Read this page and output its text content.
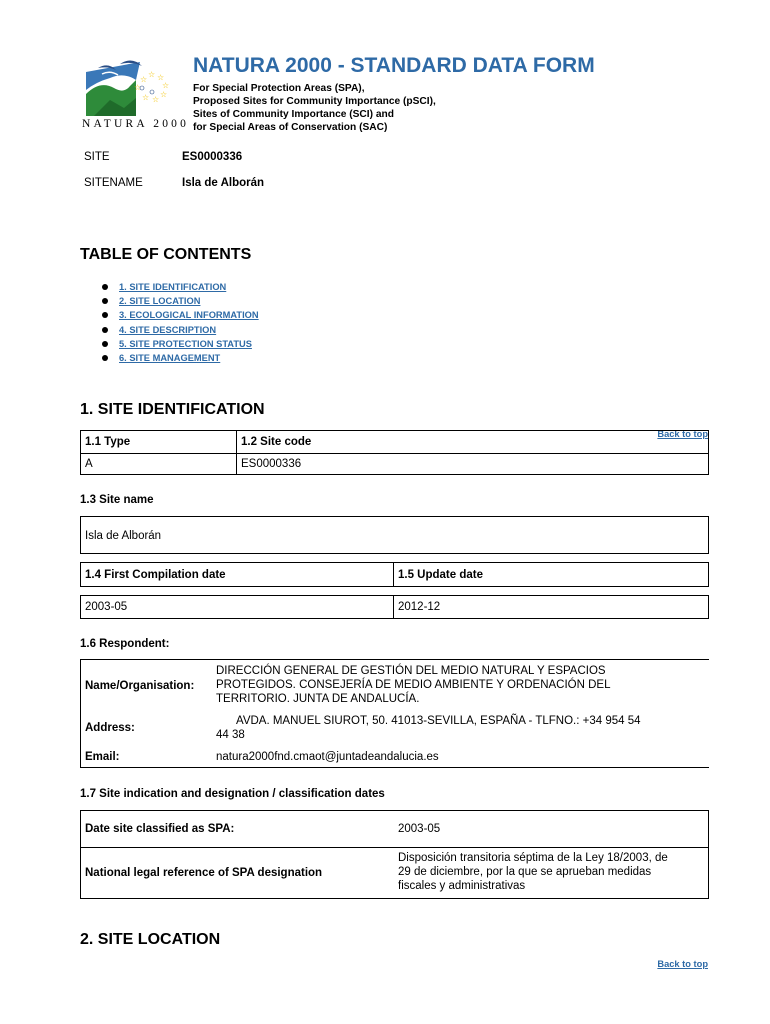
☆
☆
☆ ☆
☆
☆
☆
☆
NATURA 2000
NATURA 2000 - STANDARD DATA FORM
For Special Protection Areas (SPA),
Proposed Sites for Community Importance (pSCI),
Sites of Community Importance (SCI) and
for Special Areas of Conservation (SAC)
SITE	ES0000336
SITENAME	Isla de Alborán
TABLE OF CONTENTS
1. SITE IDENTIFICATION
2. SITE LOCATION
3. ECOLOGICAL INFORMATION
4. SITE DESCRIPTION
5. SITE PROTECTION STATUS
6. SITE MANAGEMENT
1. SITE IDENTIFICATION
Back to top
1.1 Type	1.2 Site code
A	ES0000336
1.3 Site name
Isla de Alborán
1.4 First Compilation date	1.5 Update date
2003-05	2012-12
1.6 Respondent:
Name/Organisation:
DIRECCIÓN GENERAL DE GESTIÓN DEL MEDIO NATURAL Y ESPACIOS
PROTEGIDOS. CONSEJERÍA DE MEDIO AMBIENTE Y ORDENACIÓN DEL
TERRITORIO. JUNTA DE ANDALUCÍA.
Address:
AVDA. MANUEL SIUROT, 50. 41013-SEVILLA, ESPAÑA - TLFNO.: +34 954 54
44 38
Email:	natura2000fnd.cmaot@juntadeandalucia.es
1.7 Site indication and designation / classification dates
Date site classified as SPA:	2003-05
National legal reference of SPA designation
Disposición transitoria séptima de la Ley 18/2003, de
29 de diciembre, por la que se aprueban medidas
fiscales y administrativas
2. SITE LOCATION
Back to top
